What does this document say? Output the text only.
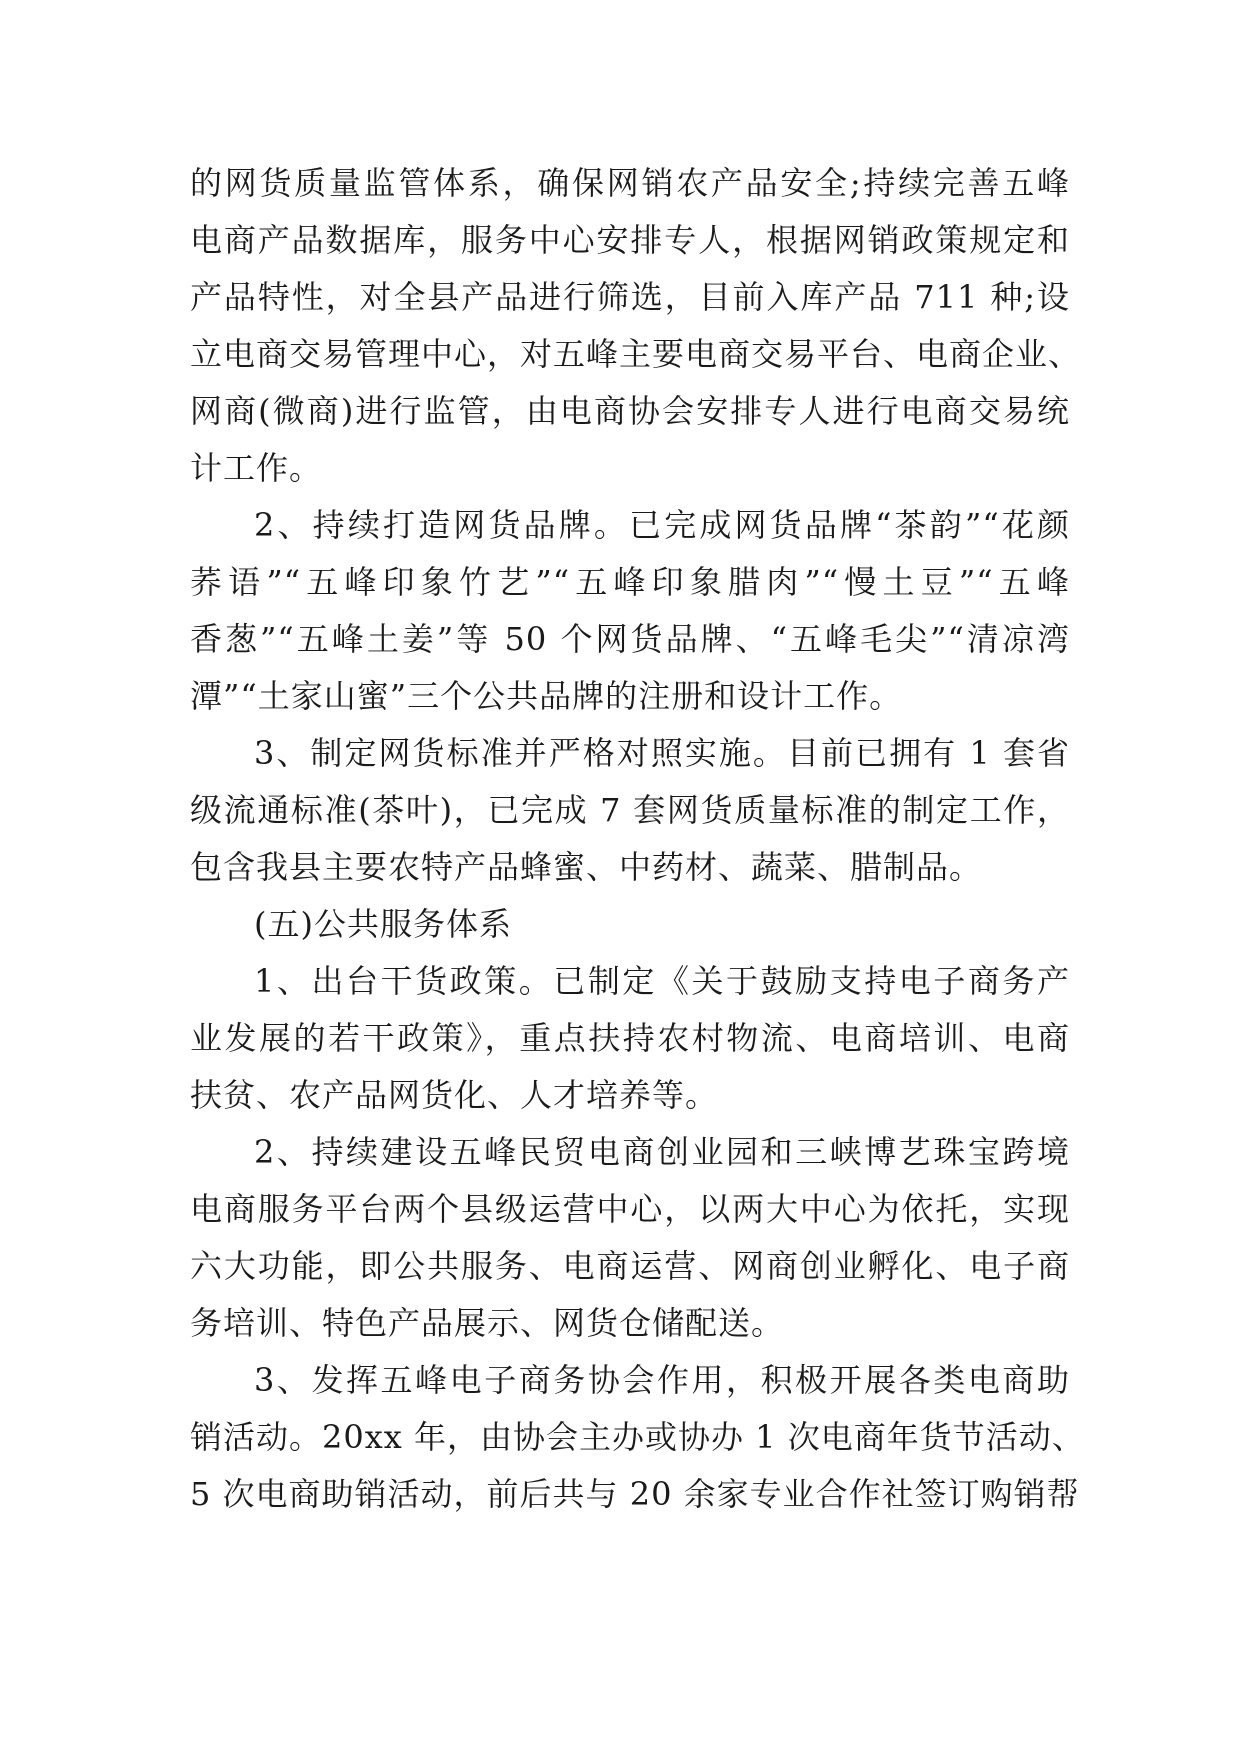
的网货质量监管体系，确保网销农产品安全;持续完善五峰
电商产品数据库，服务中心安排专人，根据网销政策规定和
产品特性，对全县产品进行筛选，目前入库产品 711 种;设
立电商交易管理中心，对五峰主要电商交易平台、电商企业、
网商(微商)进行监管，由电商协会安排专人进行电商交易统
计工作。
2、持续打造网货品牌。已完成网货品牌“茶韵”“花颜
荞语”“五峰印象竹艺”“五峰印象腊肉”“慢土豆”“五峰
香葱”“五峰土姜”等 50 个网货品牌、“五峰毛尖”“清凉湾
潭”“土家山蜜”三个公共品牌的注册和设计工作。
3、制定网货标准并严格对照实施。目前已拥有 1 套省
级流通标准(茶叶)，已完成 7 套网货质量标准的制定工作，
包含我县主要农特产品蜂蜜、中药材、蔬菜、腊制品。
(五)公共服务体系
1、出台干货政策。已制定《关于鼓励支持电子商务产
业发展的若干政策》，重点扶持农村物流、电商培训、电商
扶贫、农产品网货化、人才培养等。
2、持续建设五峰民贸电商创业园和三峡博艺珠宝跨境
电商服务平台两个县级运营中心，以两大中心为依托，实现
六大功能，即公共服务、电商运营、网商创业孵化、电子商
务培训、特色产品展示、网货仓储配送。
3、发挥五峰电子商务协会作用，积极开展各类电商助
销活动。20xx 年，由协会主办或协办 1 次电商年货节活动、
5 次电商助销活动，前后共与 20 余家专业合作社签订购销帮
